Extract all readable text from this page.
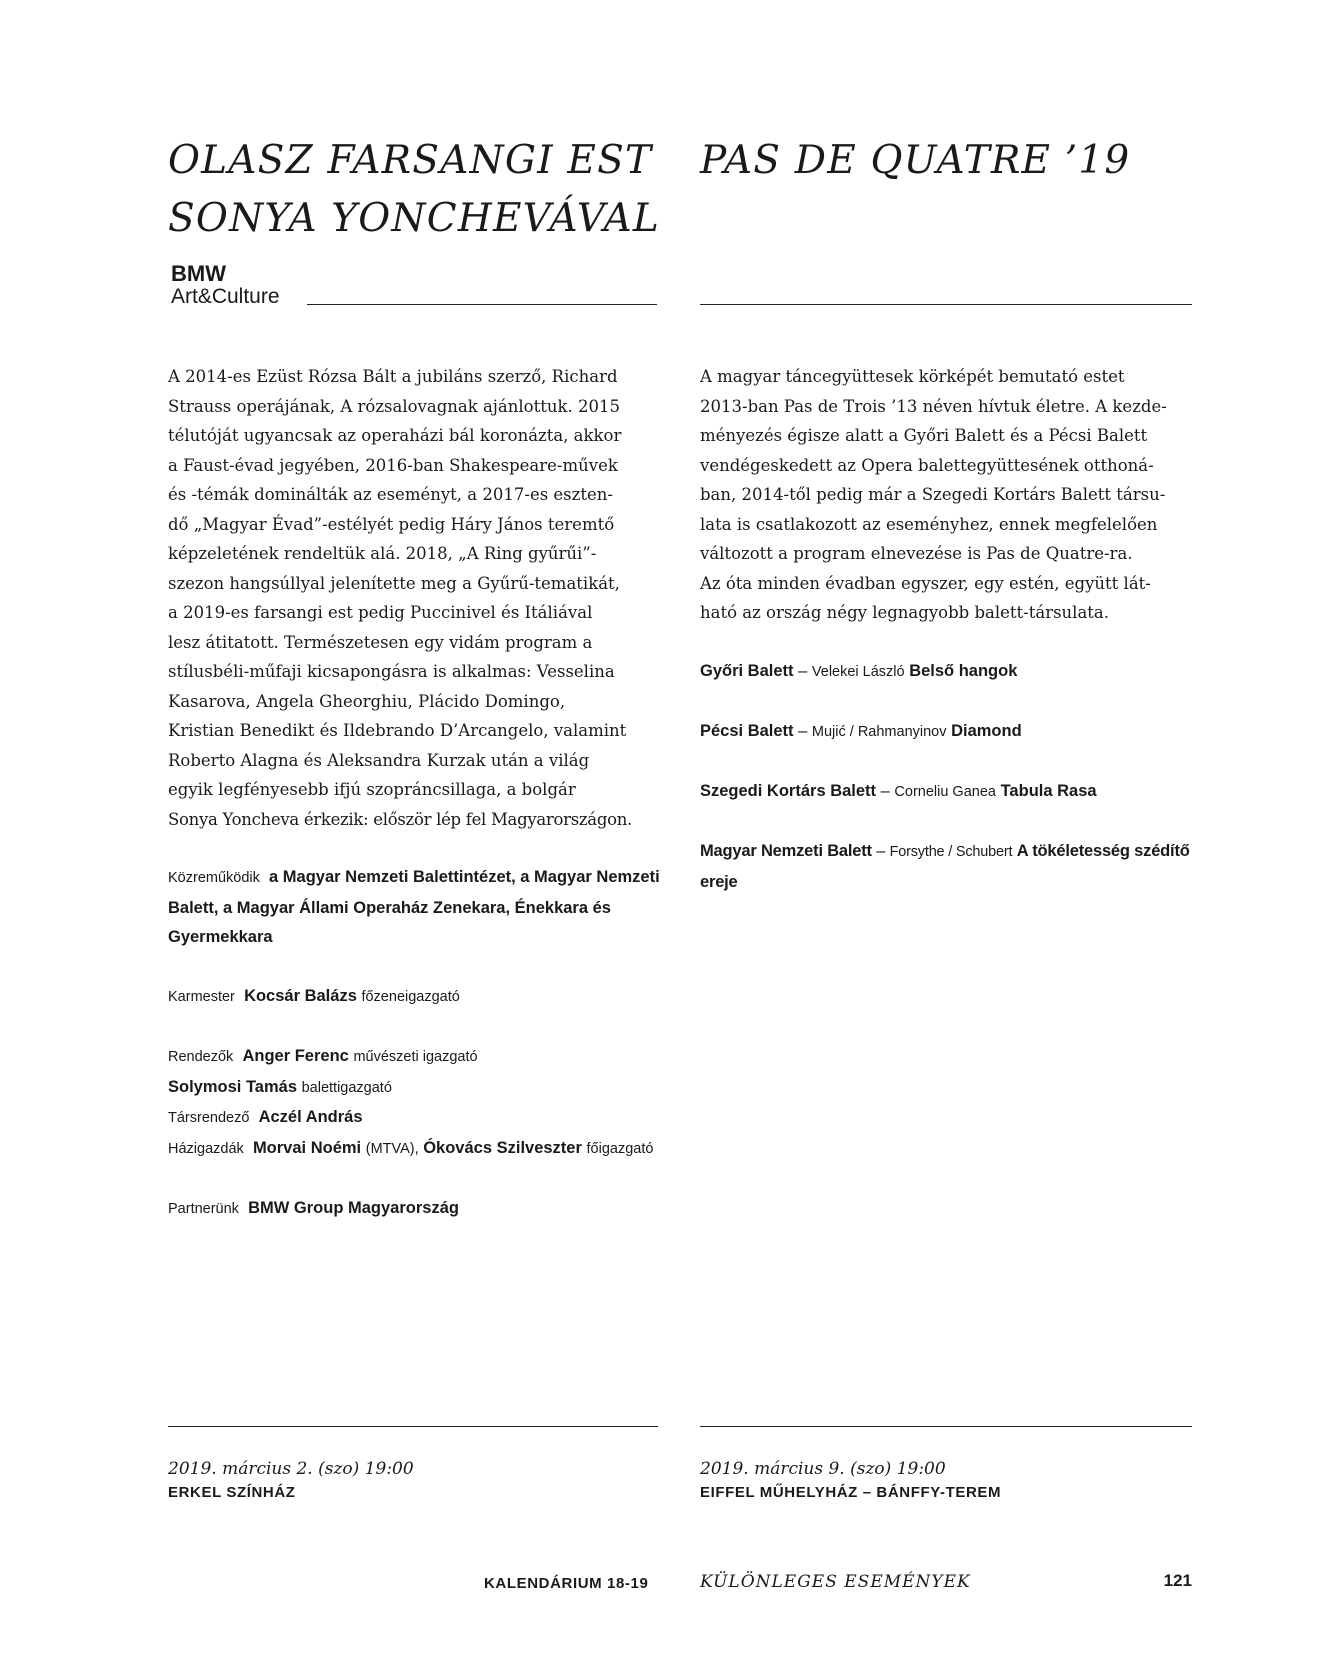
OLASZ FARSANGI EST
SONYA YONCHEVÁVAL
BMW
Art&Culture
PAS DE QUATRE ’19

A 2014-es Ezüst Rózsa Bált a jubiláns szerző, Richard
Strauss operájának, A rózsalovagnak ajánlottuk. 2015
télutóját ugyancsak az operaházi bál koronázta, akkor
a Faust-évad jegyében, 2016-ban Shakespeare-művek
és -témák dominálták az eseményt, a 2017-es eszten-
dő „Magyar Évad”-estélyét pedig Háry János teremtő
képzeletének rendeltük alá. 2018, „A Ring gyűrűi”-
szezon hangsúllyal jelenítette meg a Gyűrű-tematikát,
a 2019-es farsangi est pedig Puccinivel és Itáliával
lesz átitatott. Természetesen egy vidám program a
stílusbéli-műfaji kicsapongásra is alkalmas: Vesselina
Kasarova, Angela Gheorghiu, Plácido Domingo,
Kristian Benedikt és Ildebrando D’Arcangelo, valamint
Roberto Alagna és Aleksandra Kurzak után a világ
egyik legfényesebb ifjú szopráncsillaga, a bolgár
Sonya Yoncheva érkezik: először lép fel Magyarországon.

Közreműködik a Magyar Nemzeti Balettintézet, a Magyar Nemzeti
Balett, a Magyar Állami Operaház Zenekara, Énekkara és
Gyermekkara

Karmester Kocsár Balázs főzeneigazgató

Rendezők Anger Ferenc művészeti igazgató
Solymosi Tamás balettigazgató
Társrendező Aczél András
Házigazdák Morvai Noémi (MTVA), Ókovács Szilveszter főigazgató

Partnerünk BMW Group Magyarország

A magyar táncegyüttesek körképét bemutató estet
2013-ban Pas de Trois ’13 néven hívtuk életre. A kezde-
ményezés égisze alatt a Győri Balett és a Pécsi Balett
vendégeskedett az Opera balettegyüttesének otthoná-
ban, 2014-től pedig már a Szegedi Kortárs Balett társu-
lata is csatlakozott az eseményhez, ennek megfelelően
változott a program elnevezése is Pas de Quatre-ra.
Az óta minden évadban egyszer, egy estén, együtt lát-
ható az ország négy legnagyobb balett-társulata.

Győri Balett – Velekei László Belső hangok

Pécsi Balett – Mujić / Rahmanyinov Diamond

Szegedi Kortárs Balett – Corneliu Ganea Tabula Rasa

Magyar Nemzeti Balett – Forsythe / Schubert A tökéletesség szédítő ereje

2019. március 2. (szo) 19:00
ERKEL SZÍNHÁZ
2019. március 9. (szo) 19:00
EIFFEL MŰHELYHÁZ – BÁNFFY-TEREM
KALENDÁRIUM 18-19	KÜLÖNLEGES ESEMÉNYEK	121
